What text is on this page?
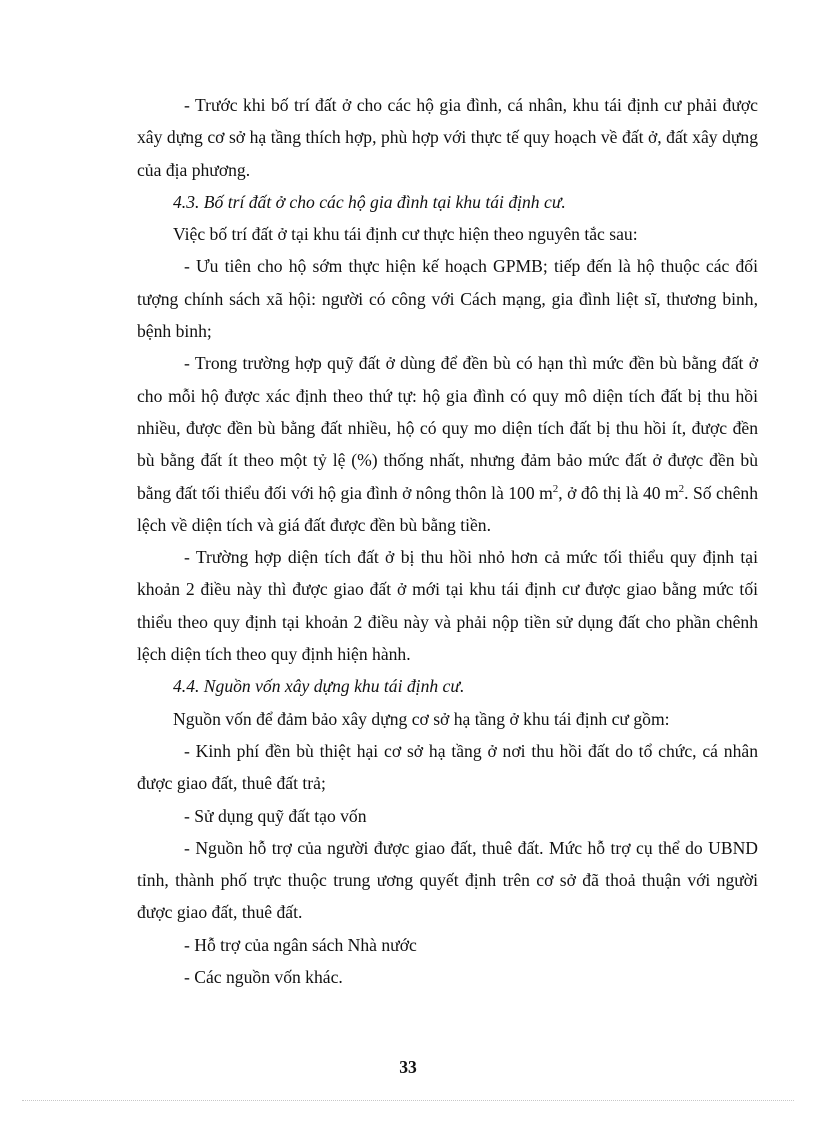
- Trước khi bố trí đất ở cho các hộ gia đình, cá nhân, khu tái định cư phải được xây dựng cơ sở hạ tầng thích hợp, phù hợp với thực tế quy hoạch về đất ở, đất xây dựng của địa phương.

4.3. Bố trí đất ở cho các hộ gia đình tại khu tái định cư.

Việc bố trí đất ở tại khu tái định cư thực hiện theo nguyên tắc sau:

- Ưu tiên cho hộ sớm thực hiện kế hoạch GPMB; tiếp đến là hộ thuộc các đối tượng chính sách xã hội: người có công với Cách mạng, gia đình liệt sĩ, thương binh, bệnh binh;

- Trong trường hợp quỹ đất ở dùng để đền bù có hạn thì mức đền bù bằng đất ở cho mỗi hộ được xác định theo thứ tự: hộ gia đình có quy mô diện tích đất bị thu hồi nhiều, được đền bù bằng đất nhiều, hộ có quy mo diện tích đất bị thu hồi ít, được đền bù bằng đất ít theo một tỷ lệ (%) thống nhất, nhưng đảm bảo mức đất ở được đền bù bằng đất tối thiểu đối với hộ gia đình ở nông thôn là 100 $m^2$, ở đô thị là 40 $m^2$. Số chênh lệch về diện tích và giá đất được đền bù bằng tiền.

- Trường hợp diện tích đất ở bị thu hồi nhỏ hơn cả mức tối thiểu quy định tại khoản 2 điều này thì được giao đất ở mới tại khu tái định cư được giao bằng mức tối thiểu theo quy định tại khoản 2 điều này và phải nộp tiền sử dụng đất cho phần chênh lệch diện tích theo quy định hiện hành.

4.4. Nguồn vốn xây dựng khu tái định cư.

Nguồn vốn để đảm bảo xây dựng cơ sở hạ tầng ở khu tái định cư gồm:

- Kinh phí đền bù thiệt hại cơ sở hạ tầng ở nơi thu hồi đất do tổ chức, cá nhân được giao đất, thuê đất trả;

- Sử dụng quỹ đất tạo vốn

- Nguồn hỗ trợ của người được giao đất, thuê đất. Mức hỗ trợ cụ thể do UBND tỉnh, thành phố trực thuộc trung ương quyết định trên cơ sở đã thoả thuận với người được giao đất, thuê đất.

- Hỗ trợ của ngân sách Nhà nước

- Các nguồn vốn khác.

33
